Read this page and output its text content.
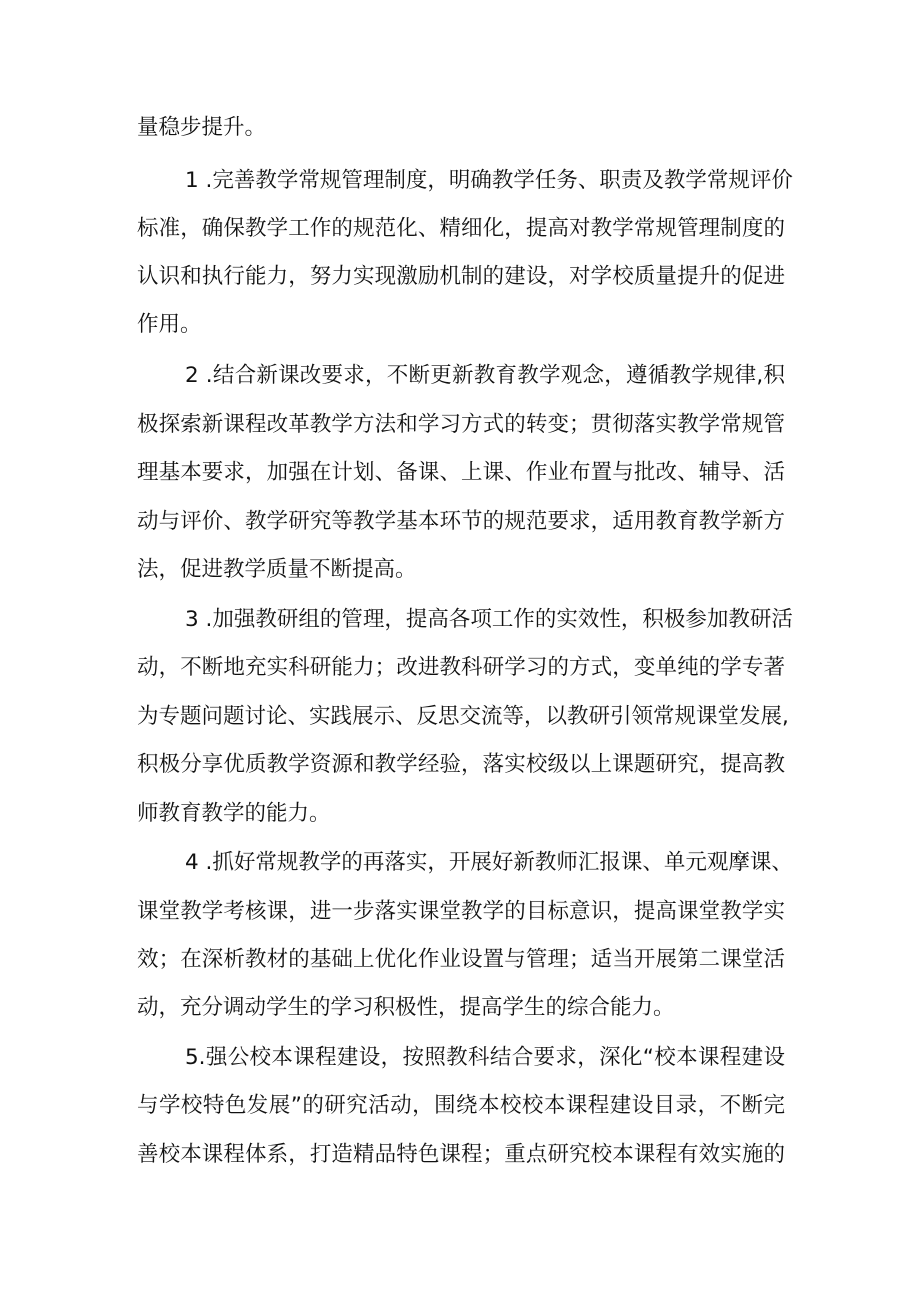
量稳步提升。
1 .完善教学常规管理制度，明确教学任务、职责及教学常规评价
标准，确保教学工作的规范化、精细化，提高对教学常规管理制度的
认识和执行能力，努力实现激励机制的建设，对学校质量提升的促进
作用。
2 .结合新课改要求，不断更新教育教学观念，遵循教学规律,积
极探索新课程改革教学方法和学习方式的转变；贯彻落实教学常规管
理基本要求，加强在计划、备课、上课、作业布置与批改、辅导、活
动与评价、教学研究等教学基本环节的规范要求，适用教育教学新方
法，促进教学质量不断提高。
3 .加强教研组的管理，提高各项工作的实效性，积极参加教研活
动，不断地充实科研能力；改进教科研学习的方式，变单纯的学专著
为专题问题讨论、实践展示、反思交流等，以教研引领常规课堂发展,
积极分享优质教学资源和教学经验，落实校级以上课题研究，提高教
师教育教学的能力。
4 .抓好常规教学的再落实，开展好新教师汇报课、单元观摩课、
课堂教学考核课，进一步落实课堂教学的目标意识，提高课堂教学实
效；在深析教材的基础上优化作业设置与管理；适当开展第二课堂活
动，充分调动学生的学习积极性，提高学生的综合能力。
5.强公校本课程建设，按照教科结合要求，深化“校本课程建设
与学校特色发展”的研究活动，围绕本校校本课程建设目录，不断完
善校本课程体系，打造精品特色课程；重点研究校本课程有效实施的
